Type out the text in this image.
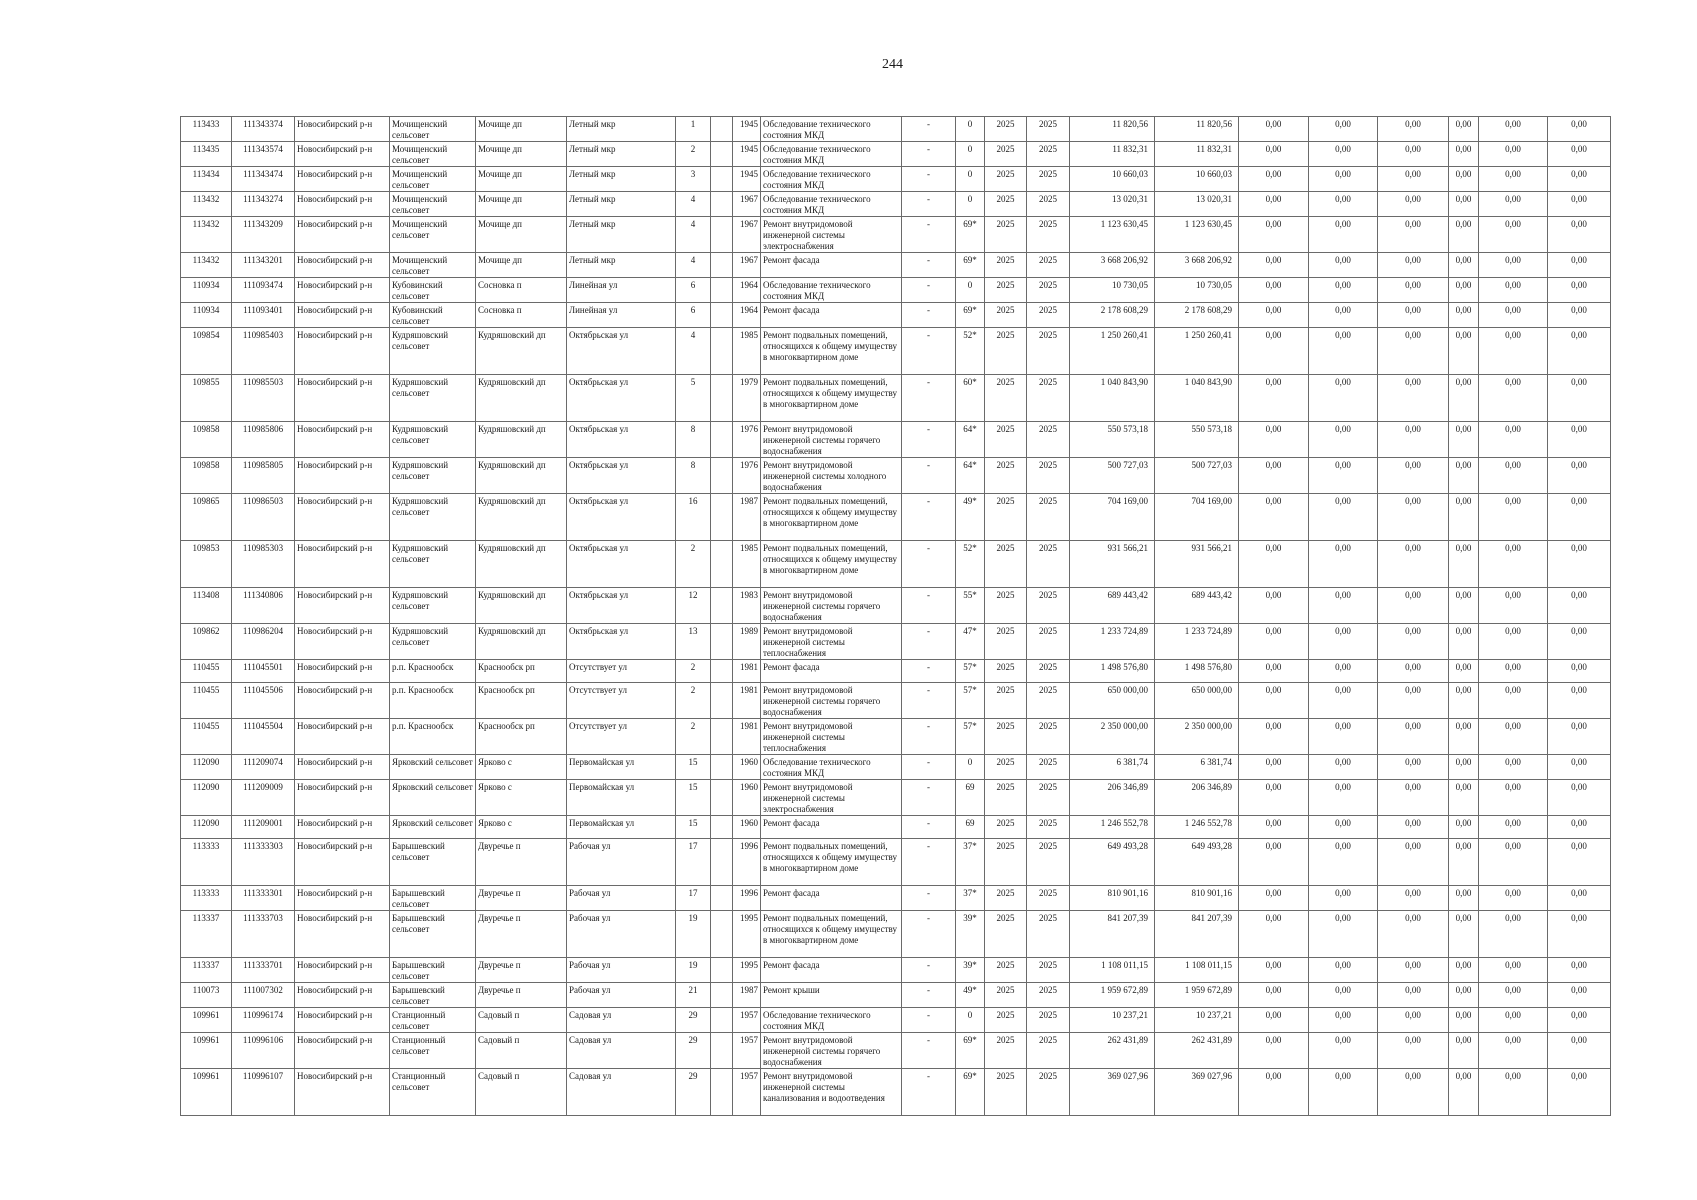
244
113433	111343374	Новосибирский р-н	Мочищенский сельсовет	Мочище дп	Летный мкр	1		1945	Обследование технического состояния МКД	-	0	2025	2025	11 820,56	11 820,56	0,00	0,00	0,00	0,00	0,00	0,00
113435	111343574	Новосибирский р-н	Мочищенский сельсовет	Мочище дп	Летный мкр	2		1945	Обследование технического состояния МКД	-	0	2025	2025	11 832,31	11 832,31	0,00	0,00	0,00	0,00	0,00	0,00
113434	111343474	Новосибирский р-н	Мочищенский сельсовет	Мочище дп	Летный мкр	3		1945	Обследование технического состояния МКД	-	0	2025	2025	10 660,03	10 660,03	0,00	0,00	0,00	0,00	0,00	0,00
113432	111343274	Новосибирский р-н	Мочищенский сельсовет	Мочище дп	Летный мкр	4		1967	Обследование технического состояния МКД	-	0	2025	2025	13 020,31	13 020,31	0,00	0,00	0,00	0,00	0,00	0,00
113432	111343209	Новосибирский р-н	Мочищенский сельсовет	Мочище дп	Летный мкр	4		1967	Ремонт внутридомовой инженерной системы электроснабжения	-	69*	2025	2025	1 123 630,45	1 123 630,45	0,00	0,00	0,00	0,00	0,00	0,00
113432	111343201	Новосибирский р-н	Мочищенский сельсовет	Мочище дп	Летный мкр	4		1967	Ремонт фасада	-	69*	2025	2025	3 668 206,92	3 668 206,92	0,00	0,00	0,00	0,00	0,00	0,00
110934	111093474	Новосибирский р-н	Кубовинский сельсовет	Сосновка п	Линейная ул	6		1964	Обследование технического состояния МКД	-	0	2025	2025	10 730,05	10 730,05	0,00	0,00	0,00	0,00	0,00	0,00
110934	111093401	Новосибирский р-н	Кубовинский сельсовет	Сосновка п	Линейная ул	6		1964	Ремонт фасада	-	69*	2025	2025	2 178 608,29	2 178 608,29	0,00	0,00	0,00	0,00	0,00	0,00
109854	110985403	Новосибирский р-н	Кудряшовский сельсовет	Кудряшовский дп	Октябрьская ул	4		1985	Ремонт подвальных помещений, относящихся к общему имуществу в многоквартирном доме	-	52*	2025	2025	1 250 260,41	1 250 260,41	0,00	0,00	0,00	0,00	0,00	0,00
109855	110985503	Новосибирский р-н	Кудряшовский сельсовет	Кудряшовский дп	Октябрьская ул	5		1979	Ремонт подвальных помещений, относящихся к общему имуществу в многоквартирном доме	-	60*	2025	2025	1 040 843,90	1 040 843,90	0,00	0,00	0,00	0,00	0,00	0,00
109858	110985806	Новосибирский р-н	Кудряшовский сельсовет	Кудряшовский дп	Октябрьская ул	8		1976	Ремонт внутридомовой инженерной системы горячего водоснабжения	-	64*	2025	2025	550 573,18	550 573,18	0,00	0,00	0,00	0,00	0,00	0,00
109858	110985805	Новосибирский р-н	Кудряшовский сельсовет	Кудряшовский дп	Октябрьская ул	8		1976	Ремонт внутридомовой инженерной системы холодного водоснабжения	-	64*	2025	2025	500 727,03	500 727,03	0,00	0,00	0,00	0,00	0,00	0,00
109865	110986503	Новосибирский р-н	Кудряшовский сельсовет	Кудряшовский дп	Октябрьская ул	16		1987	Ремонт подвальных помещений, относящихся к общему имуществу в многоквартирном доме	-	49*	2025	2025	704 169,00	704 169,00	0,00	0,00	0,00	0,00	0,00	0,00
109853	110985303	Новосибирский р-н	Кудряшовский сельсовет	Кудряшовский дп	Октябрьская ул	2		1985	Ремонт подвальных помещений, относящихся к общему имуществу в многоквартирном доме	-	52*	2025	2025	931 566,21	931 566,21	0,00	0,00	0,00	0,00	0,00	0,00
113408	111340806	Новосибирский р-н	Кудряшовский сельсовет	Кудряшовский дп	Октябрьская ул	12		1983	Ремонт внутридомовой инженерной системы горячего водоснабжения	-	55*	2025	2025	689 443,42	689 443,42	0,00	0,00	0,00	0,00	0,00	0,00
109862	110986204	Новосибирский р-н	Кудряшовский сельсовет	Кудряшовский дп	Октябрьская ул	13		1989	Ремонт внутридомовой инженерной системы теплоснабжения	-	47*	2025	2025	1 233 724,89	1 233 724,89	0,00	0,00	0,00	0,00	0,00	0,00
110455	111045501	Новосибирский р-н	р.п. Краснообск	Краснообск рп	Отсутствует ул	2		1981	Ремонт фасада	-	57*	2025	2025	1 498 576,80	1 498 576,80	0,00	0,00	0,00	0,00	0,00	0,00
110455	111045506	Новосибирский р-н	р.п. Краснообск	Краснообск рп	Отсутствует ул	2		1981	Ремонт внутридомовой инженерной системы горячего водоснабжения	-	57*	2025	2025	650 000,00	650 000,00	0,00	0,00	0,00	0,00	0,00	0,00
110455	111045504	Новосибирский р-н	р.п. Краснообск	Краснообск рп	Отсутствует ул	2		1981	Ремонт внутридомовой инженерной системы теплоснабжения	-	57*	2025	2025	2 350 000,00	2 350 000,00	0,00	0,00	0,00	0,00	0,00	0,00
112090	111209074	Новосибирский р-н	Ярковский сельсовет	Ярково с	Первомайская ул	15		1960	Обследование технического состояния МКД	-	0	2025	2025	6 381,74	6 381,74	0,00	0,00	0,00	0,00	0,00	0,00
112090	111209009	Новосибирский р-н	Ярковский сельсовет	Ярково с	Первомайская ул	15		1960	Ремонт внутридомовой инженерной системы электроснабжения	-	69	2025	2025	206 346,89	206 346,89	0,00	0,00	0,00	0,00	0,00	0,00
112090	111209001	Новосибирский р-н	Ярковский сельсовет	Ярково с	Первомайская ул	15		1960	Ремонт фасада	-	69	2025	2025	1 246 552,78	1 246 552,78	0,00	0,00	0,00	0,00	0,00	0,00
113333	111333303	Новосибирский р-н	Барышевский сельсовет	Двуречье п	Рабочая ул	17		1996	Ремонт подвальных помещений, относящихся к общему имуществу в многоквартирном доме	-	37*	2025	2025	649 493,28	649 493,28	0,00	0,00	0,00	0,00	0,00	0,00
113333	111333301	Новосибирский р-н	Барышевский сельсовет	Двуречье п	Рабочая ул	17		1996	Ремонт фасада	-	37*	2025	2025	810 901,16	810 901,16	0,00	0,00	0,00	0,00	0,00	0,00
113337	111333703	Новосибирский р-н	Барышевский сельсовет	Двуречье п	Рабочая ул	19		1995	Ремонт подвальных помещений, относящихся к общему имуществу в многоквартирном доме	-	39*	2025	2025	841 207,39	841 207,39	0,00	0,00	0,00	0,00	0,00	0,00
113337	111333701	Новосибирский р-н	Барышевский сельсовет	Двуречье п	Рабочая ул	19		1995	Ремонт фасада	-	39*	2025	2025	1 108 011,15	1 108 011,15	0,00	0,00	0,00	0,00	0,00	0,00
110073	111007302	Новосибирский р-н	Барышевский сельсовет	Двуречье п	Рабочая ул	21		1987	Ремонт крыши	-	49*	2025	2025	1 959 672,89	1 959 672,89	0,00	0,00	0,00	0,00	0,00	0,00
109961	110996174	Новосибирский р-н	Станционный сельсовет	Садовый п	Садовая ул	29		1957	Обследование технического состояния МКД	-	0	2025	2025	10 237,21	10 237,21	0,00	0,00	0,00	0,00	0,00	0,00
109961	110996106	Новосибирский р-н	Станционный сельсовет	Садовый п	Садовая ул	29		1957	Ремонт внутридомовой инженерной системы горячего водоснабжения	-	69*	2025	2025	262 431,89	262 431,89	0,00	0,00	0,00	0,00	0,00	0,00
109961	110996107	Новосибирский р-н	Станционный сельсовет	Садовый п	Садовая ул	29		1957	Ремонт внутридомовой инженерной системы канализования и водоотведения	-	69*	2025	2025	369 027,96	369 027,96	0,00	0,00	0,00	0,00	0,00	0,00
